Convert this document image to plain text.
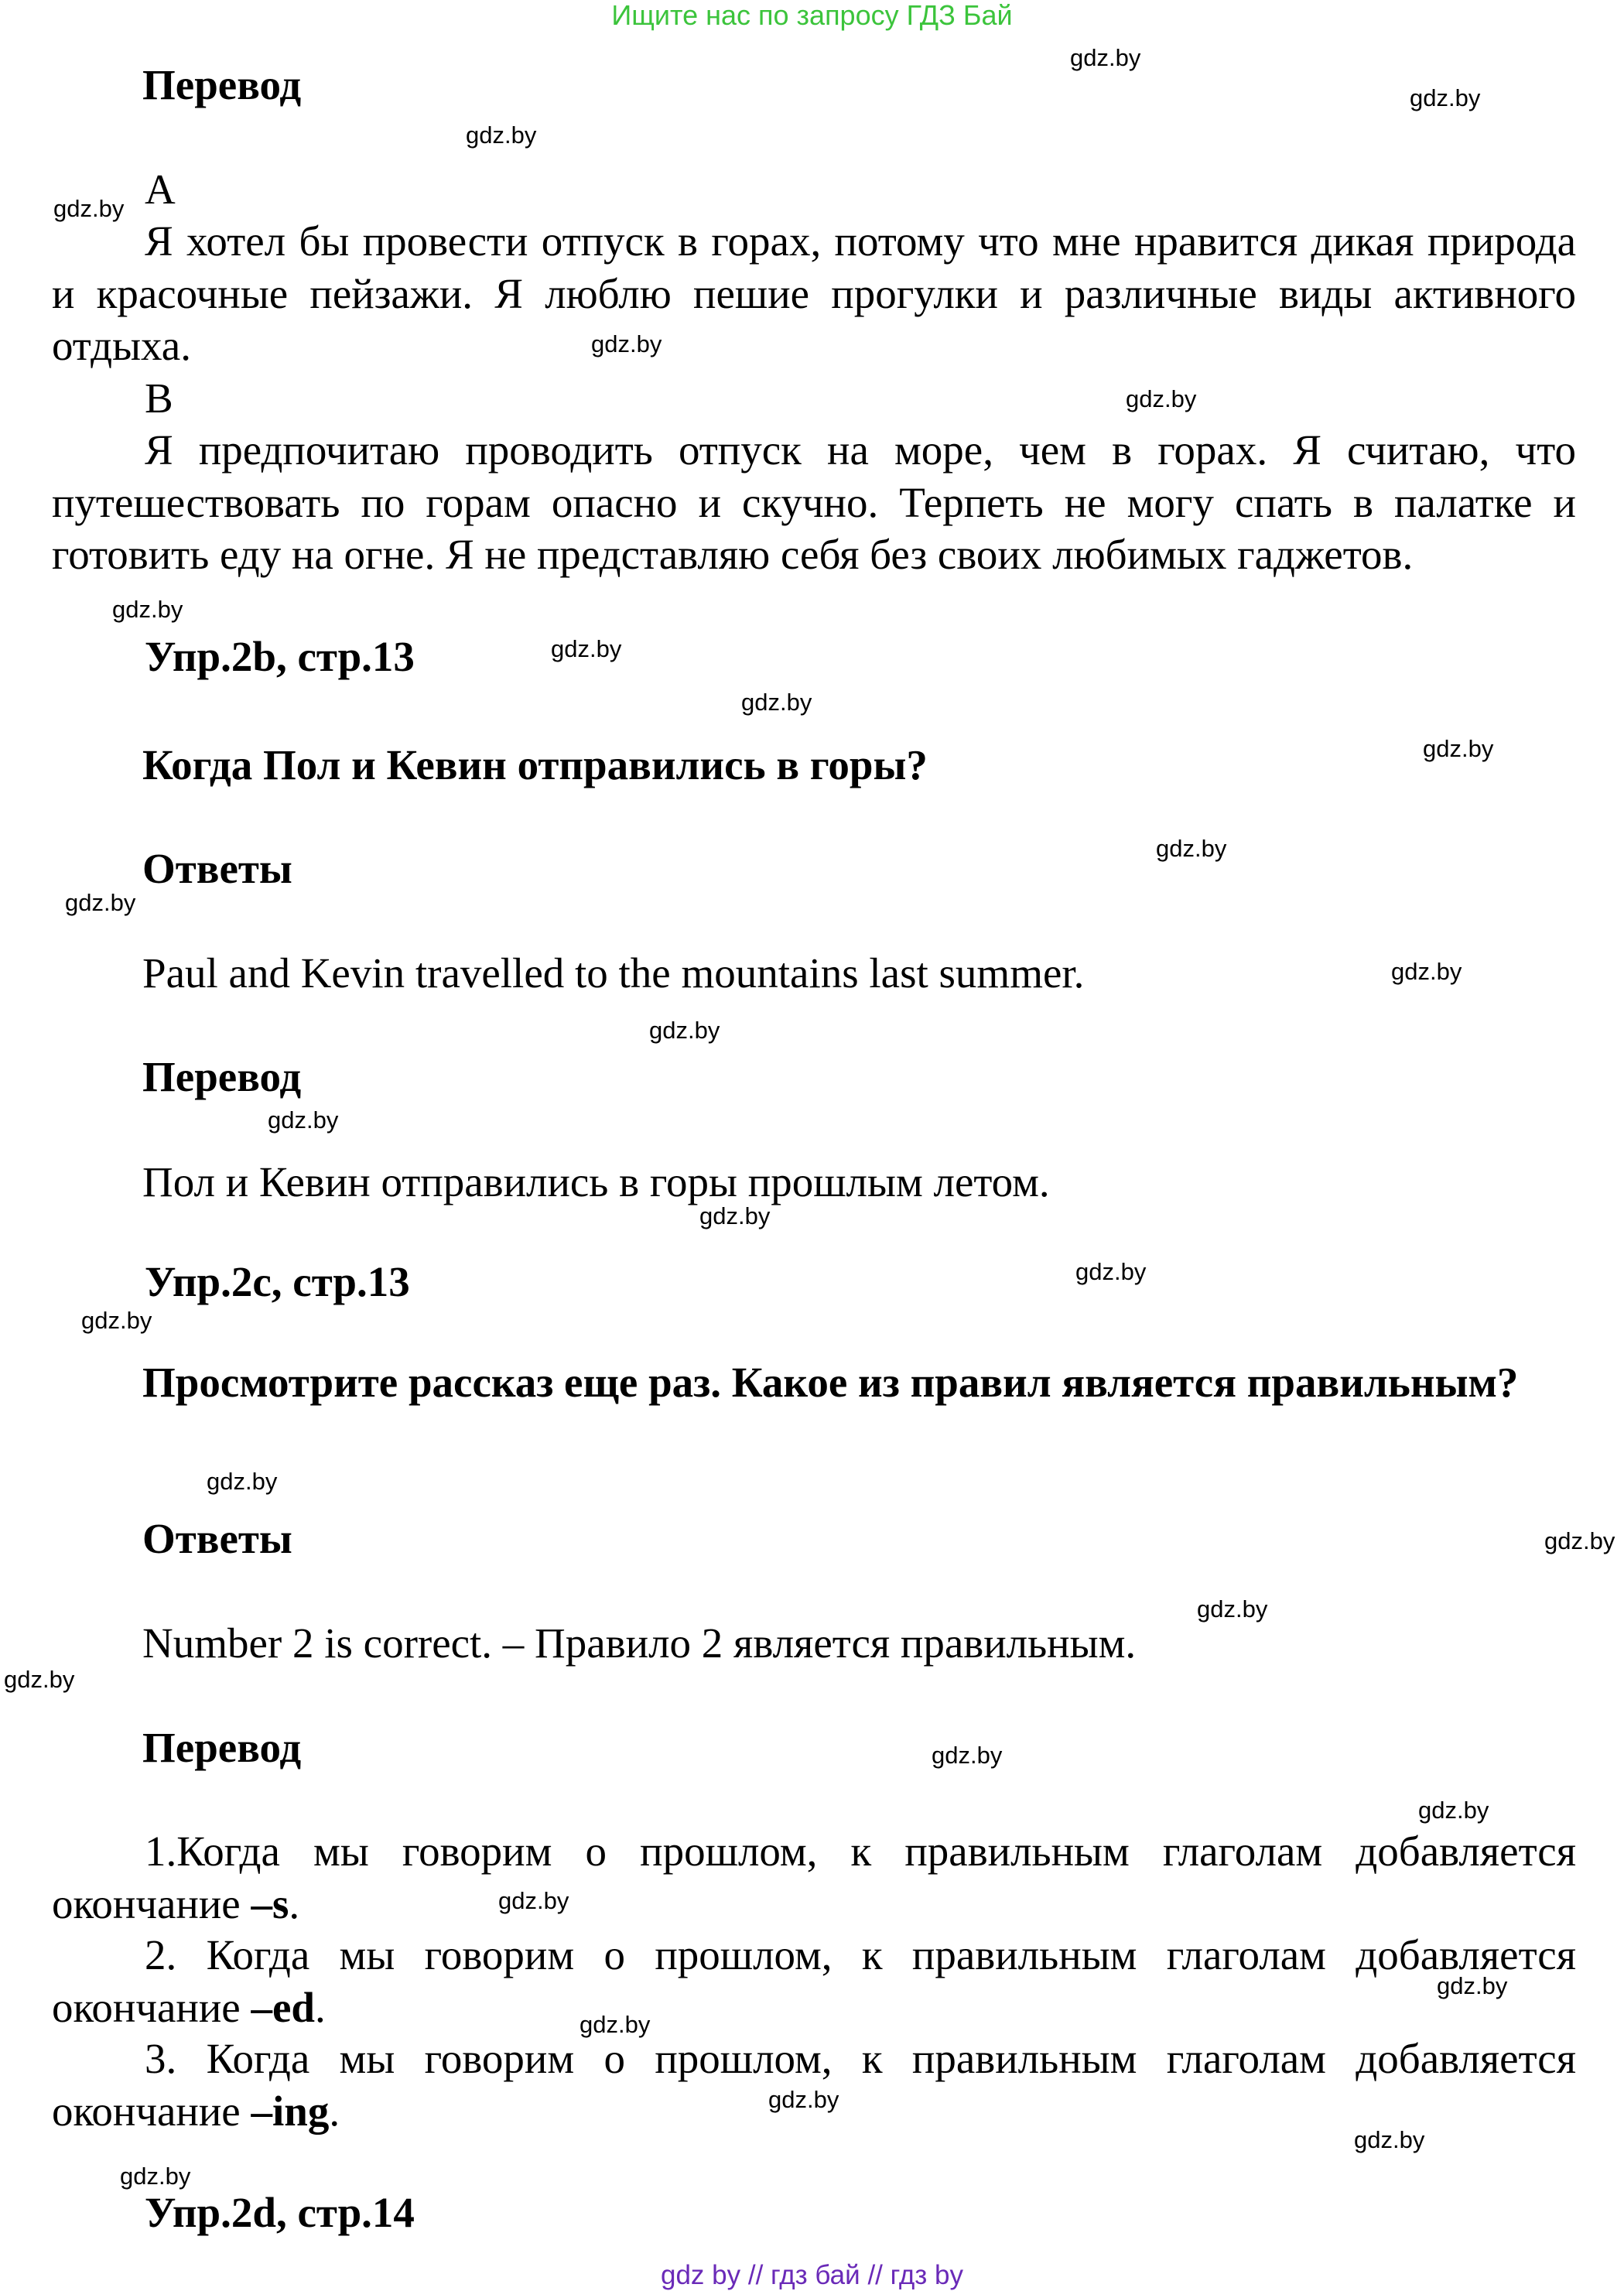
Ищите нас по запросу ГДЗ Бай
Перевод
А

Я хотел бы провести отпуск в горах, потому что мне нравится дикая природа и красочные пейзажи. Я люблю пешие прогулки и различные виды активного отдыха.

В

Я предпочитаю проводить отпуск на море, чем в горах. Я считаю, что путешествовать по горам опасно и скучно. Терпеть не могу спать в палатке и готовить еду на огне. Я не представляю себя без своих любимых гаджетов.

Упр.2b, стр.13
Когда Пол и Кевин отправились в горы?
Ответы
Paul and Kevin travelled to the mountains last summer.
Перевод
Пол и Кевин отправились в горы прошлым летом.
Упр.2c, стр.13

Просмотрите рассказ еще раз. Какое из правил является правильным?

Ответы
Number 2 is correct. – Правило 2 является правильным.
Перевод

1.Когда мы говорим о прошлом, к правильным глаголам добавляется окончание –s.

2. Когда мы говорим о прошлом, к правильным глаголам добавляется окончание –ed.

3. Когда мы говорим о прошлом, к правильным глаголам добавляется окончание –ing.

Упр.2d, стр.14
gdz.by
gdz.by
gdz.by
gdz.by
gdz.by
gdz.by
gdz.by
gdz.by
gdz.by
gdz.by
gdz.by
gdz.by
gdz.by
gdz.by
gdz.by
gdz.by
gdz.by
gdz.by
gdz.by
gdz.by
gdz.by
gdz.by
gdz.by
gdz.by
gdz.by
gdz.by
gdz.by
gdz.by
gdz.by
gdz.by
gdz by // гдз бай // гдз by
